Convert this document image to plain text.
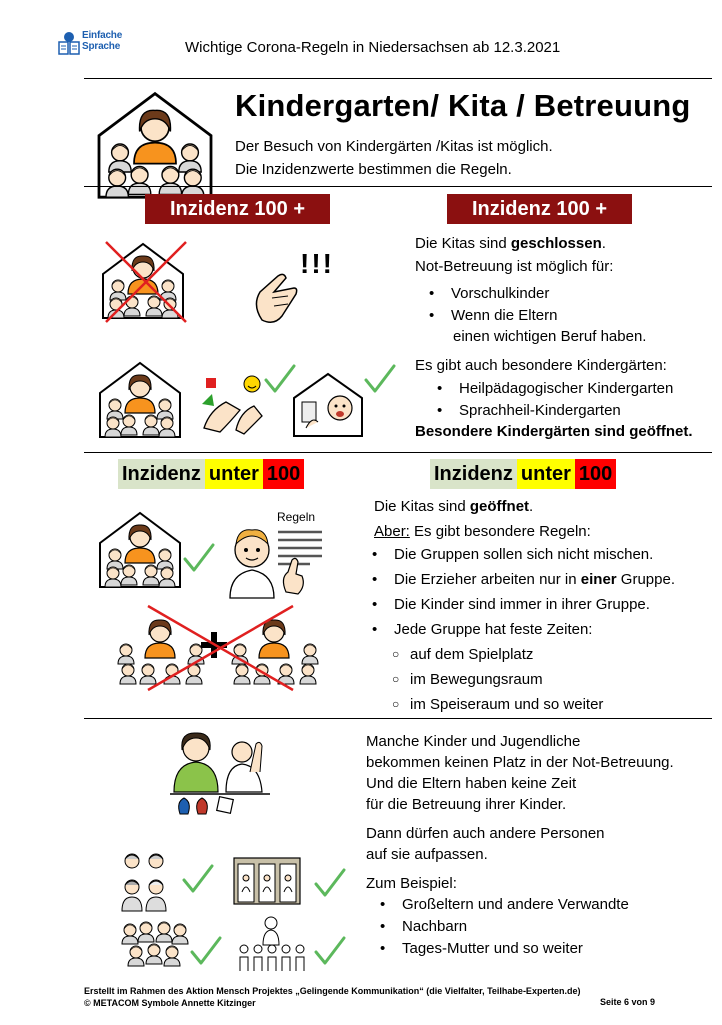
Einfache
Sprache	Wichtige Corona-Regeln in Niedersachsen ab 12.3.2021
Kindergarten/ Kita / Betreuung
Der Besuch von Kindergärten /Kitas ist möglich.
Die Inzidenzwerte bestimmen die Regeln.
Inzidenz 100 +	Inzidenz 100 +
!!!
Die Kitas sind geschlossen.
Not-Betreuung ist möglich für:
• Vorschulkinder
• Wenn die Eltern
einen wichtigen Beruf haben.
Es gibt auch besondere Kindergärten:
• Heilpädagogischer Kindergarten
• Sprachheil-Kindergarten
Besondere Kindergärten sind geöffnet.
Inzidenz unter 100	Inzidenz unter 100
Regeln
Die Kitas sind geöffnet.
Aber: Es gibt besondere Regeln:
• Die Gruppen sollen sich nicht mischen.
• Die Erzieher arbeiten nur in einer Gruppe.
• Die Kinder sind immer in ihrer Gruppe.
• Jede Gruppe hat feste Zeiten:
○ auf dem Spielplatz
○ im Bewegungsraum
○ im Speiseraum und so weiter
Manche Kinder und Jugendliche
bekommen keinen Platz in der Not-Betreuung.
Und die Eltern haben keine Zeit
für die Betreuung ihrer Kinder.
Dann dürfen auch andere Personen
auf sie aufpassen.
Zum Beispiel:
• Großeltern und andere Verwandte
• Nachbarn
• Tages-Mutter und so weiter
Erstellt im Rahmen des Aktion Mensch Projektes „Gelingende Kommunikation“ (die Vielfalter, Teilhabe-Experten.de)
© METACOM Symbole Annette Kitzinger	Seite 6 von 9
